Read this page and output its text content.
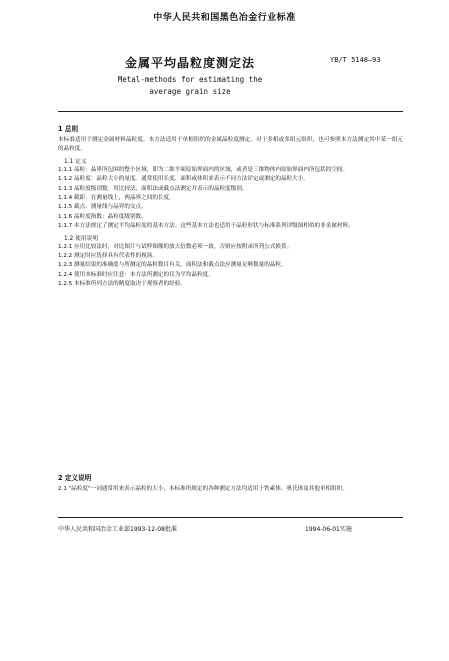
中华人民共和国黑色冶金行业标准
金属平均晶粒度测定法	YB/T 5148—93
Metal-methods for estimating the
average grain size
1 总则

本标准适用于测定金属材料晶粒度。本方法适用于单相组织的金属晶粒度测定，对于多相或多组元组织，也可参照本方法测定其中某一组元的晶粒度。

1.1 定义

1.1.1 晶粒：晶界所包围的整个区域，即为二维平面原始界面内的区域，或者是三维物体内原始界面内所包括的空间。

1.1.2 晶粒度：晶粒大小的量度。通常使用长度、面积或体积来表示不同方法评定或测定的晶粒大小。

1.1.3 晶粒度级别数：用比较法、面积法或截点法测定并表示的晶粒度级别。

1.1.4 截距：在测量线上，两晶界之间的长度。

1.1.5 截点：测量线与晶界的交点。

1.1.6 晶粒度指数：晶粒度级别数。

1.1.7 本方法规定了测定平均晶粒度的基本方法。这些基本方法也适用于晶粒形状与标准系列评级图相似的非金属材料。

1.2 使用说明

1.2.1 应用比较法时，对比图片与试样图像的放大倍数必须一致，否则应按附录所列公式换算。

1.2.2 测定时应选择具有代表性的视场。

1.2.3 测量结果的准确度与所测定的晶粒数目有关，面积法和截点法应测量足够数量的晶粒。

1.2.4 使用本标准时应注意：本方法所测定的仅为平均晶粒度。

1.2.5 本标准所列方法的精度取决于观察者的经验。

2 定义说明

2.1 "晶粒度"一词通常用来表示晶粒的大小，本标准所规定的各种测定方法均适用于铁素体、奥氏体及其他单相组织。

中华人民共和国冶金工业部1993-12-08批准	1994-06-01实施
